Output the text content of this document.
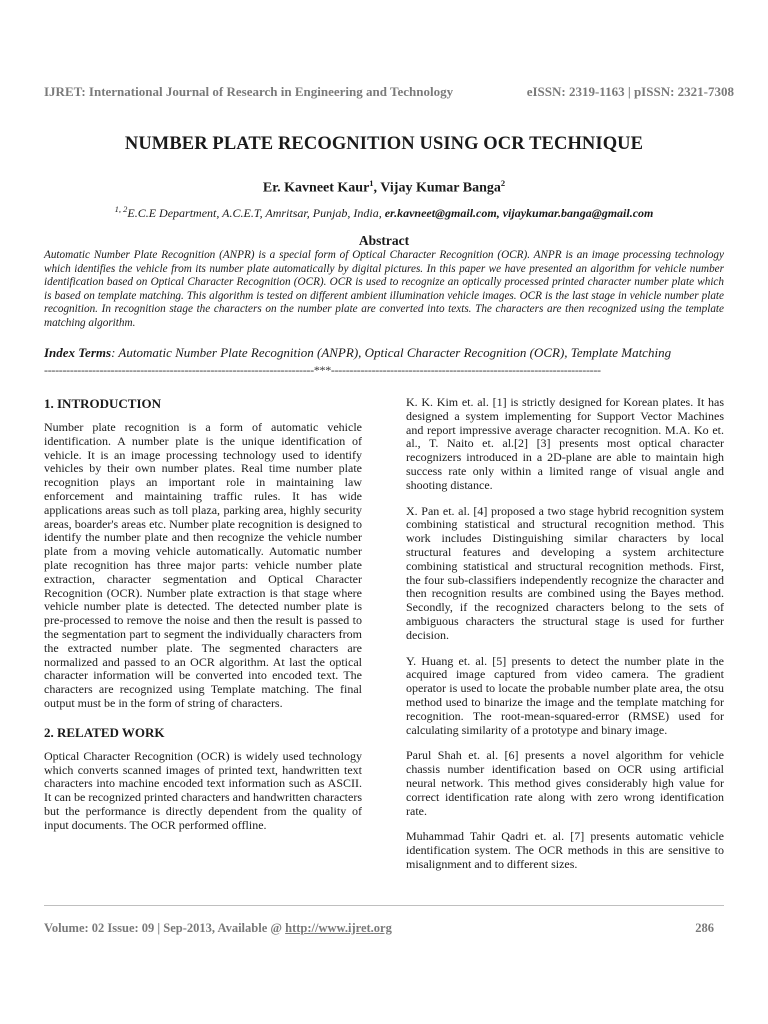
IJRET: International Journal of Research in Engineering and Technology	eISSN: 2319-1163 | pISSN: 2321-7308
NUMBER PLATE RECOGNITION USING OCR TECHNIQUE
Er. Kavneet Kaur$^1$, Vijay Kumar Banga$^2$
$^{1, 2}$E.C.E Department, A.C.E.T, Amritsar, Punjab, India, er.kavneet@gmail.com, vijaykumar.banga@gmail.com
Abstract

Automatic Number Plate Recognition (ANPR) is a special form of Optical Character Recognition (OCR). ANPR is an image processing technology which identifies the vehicle from its number plate automatically by digital pictures. In this paper we have presented an algorithm for vehicle number identification based on Optical Character Recognition (OCR). OCR is used to recognize an optically processed printed character number plate which is based on template matching. This algorithm is tested on different ambient illumination vehicle images. OCR is the last stage in vehicle number plate recognition. In recognition stage the characters on the number plate are converted into texts. The characters are then recognized using the template matching algorithm.

Index Terms: Automatic Number Plate Recognition (ANPR), Optical Character Recognition (OCR), Template Matching
-------------------------------------------------------------------------***-------------------------------------------------------------------------
1. INTRODUCTION

Number plate recognition is a form of automatic vehicle identification. A number plate is the unique identification of vehicle. It is an image processing technology used to identify vehicles by their own number plates. Real time number plate recognition plays an important role in maintaining law enforcement and maintaining traffic rules. It has wide applications areas such as toll plaza, parking area, highly security areas, boarder's areas etc. Number plate recognition is designed to identify the number plate and then recognize the vehicle number plate from a moving vehicle automatically. Automatic number plate recognition has three major parts: vehicle number plate extraction, character segmentation and Optical Character Recognition (OCR). Number plate extraction is that stage where vehicle number plate is detected. The detected number plate is pre-processed to remove the noise and then the result is passed to the segmentation part to segment the individually characters from the extracted number plate. The segmented characters are normalized and passed to an OCR algorithm. At last the optical character information will be converted into encoded text. The characters are recognized using Template matching. The final output must be in the form of string of characters.

2. RELATED WORK

Optical Character Recognition (OCR) is widely used technology which converts scanned images of printed text, handwritten text characters into machine encoded text information such as ASCII. It can be recognized printed characters and handwritten characters but the performance is directly dependent from the quality of input documents. The OCR performed offline.

K. K. Kim et. al. [1] is strictly designed for Korean plates. It has designed a system implementing for Support Vector Machines and report impressive average character recognition. M.A. Ko et. al., T. Naito et. al.[2] [3] presents most optical character recognizers introduced in a 2D-plane are able to maintain high success rate only within a limited range of visual angle and shooting distance.

X. Pan et. al. [4] proposed a two stage hybrid recognition system combining statistical and structural recognition method. This work includes Distinguishing similar characters by local structural features and developing a system architecture combining statistical and structural recognition methods. First, the four sub-classifiers independently recognize the character and then recognition results are combined using the Bayes method. Secondly, if the recognized characters belong to the sets of ambiguous characters the structural stage is used for further decision.

Y. Huang et. al. [5] presents to detect the number plate in the acquired image captured from video camera. The gradient operator is used to locate the probable number plate area, the otsu method used to binarize the image and the template matching for recognition. The root-mean-squared-error (RMSE) used for calculating similarity of a prototype and binary image.

Parul Shah et. al. [6] presents a novel algorithm for vehicle chassis number identification based on OCR using artificial neural network. This method gives considerably high value for correct identification rate along with zero wrong identification rate.

Muhammad Tahir Qadri et. al. [7] presents automatic vehicle identification system. The OCR methods in this are sensitive to misalignment and to different sizes.

Volume: 02 Issue: 09 | Sep-2013, Available @ http://www.ijret.org	286
